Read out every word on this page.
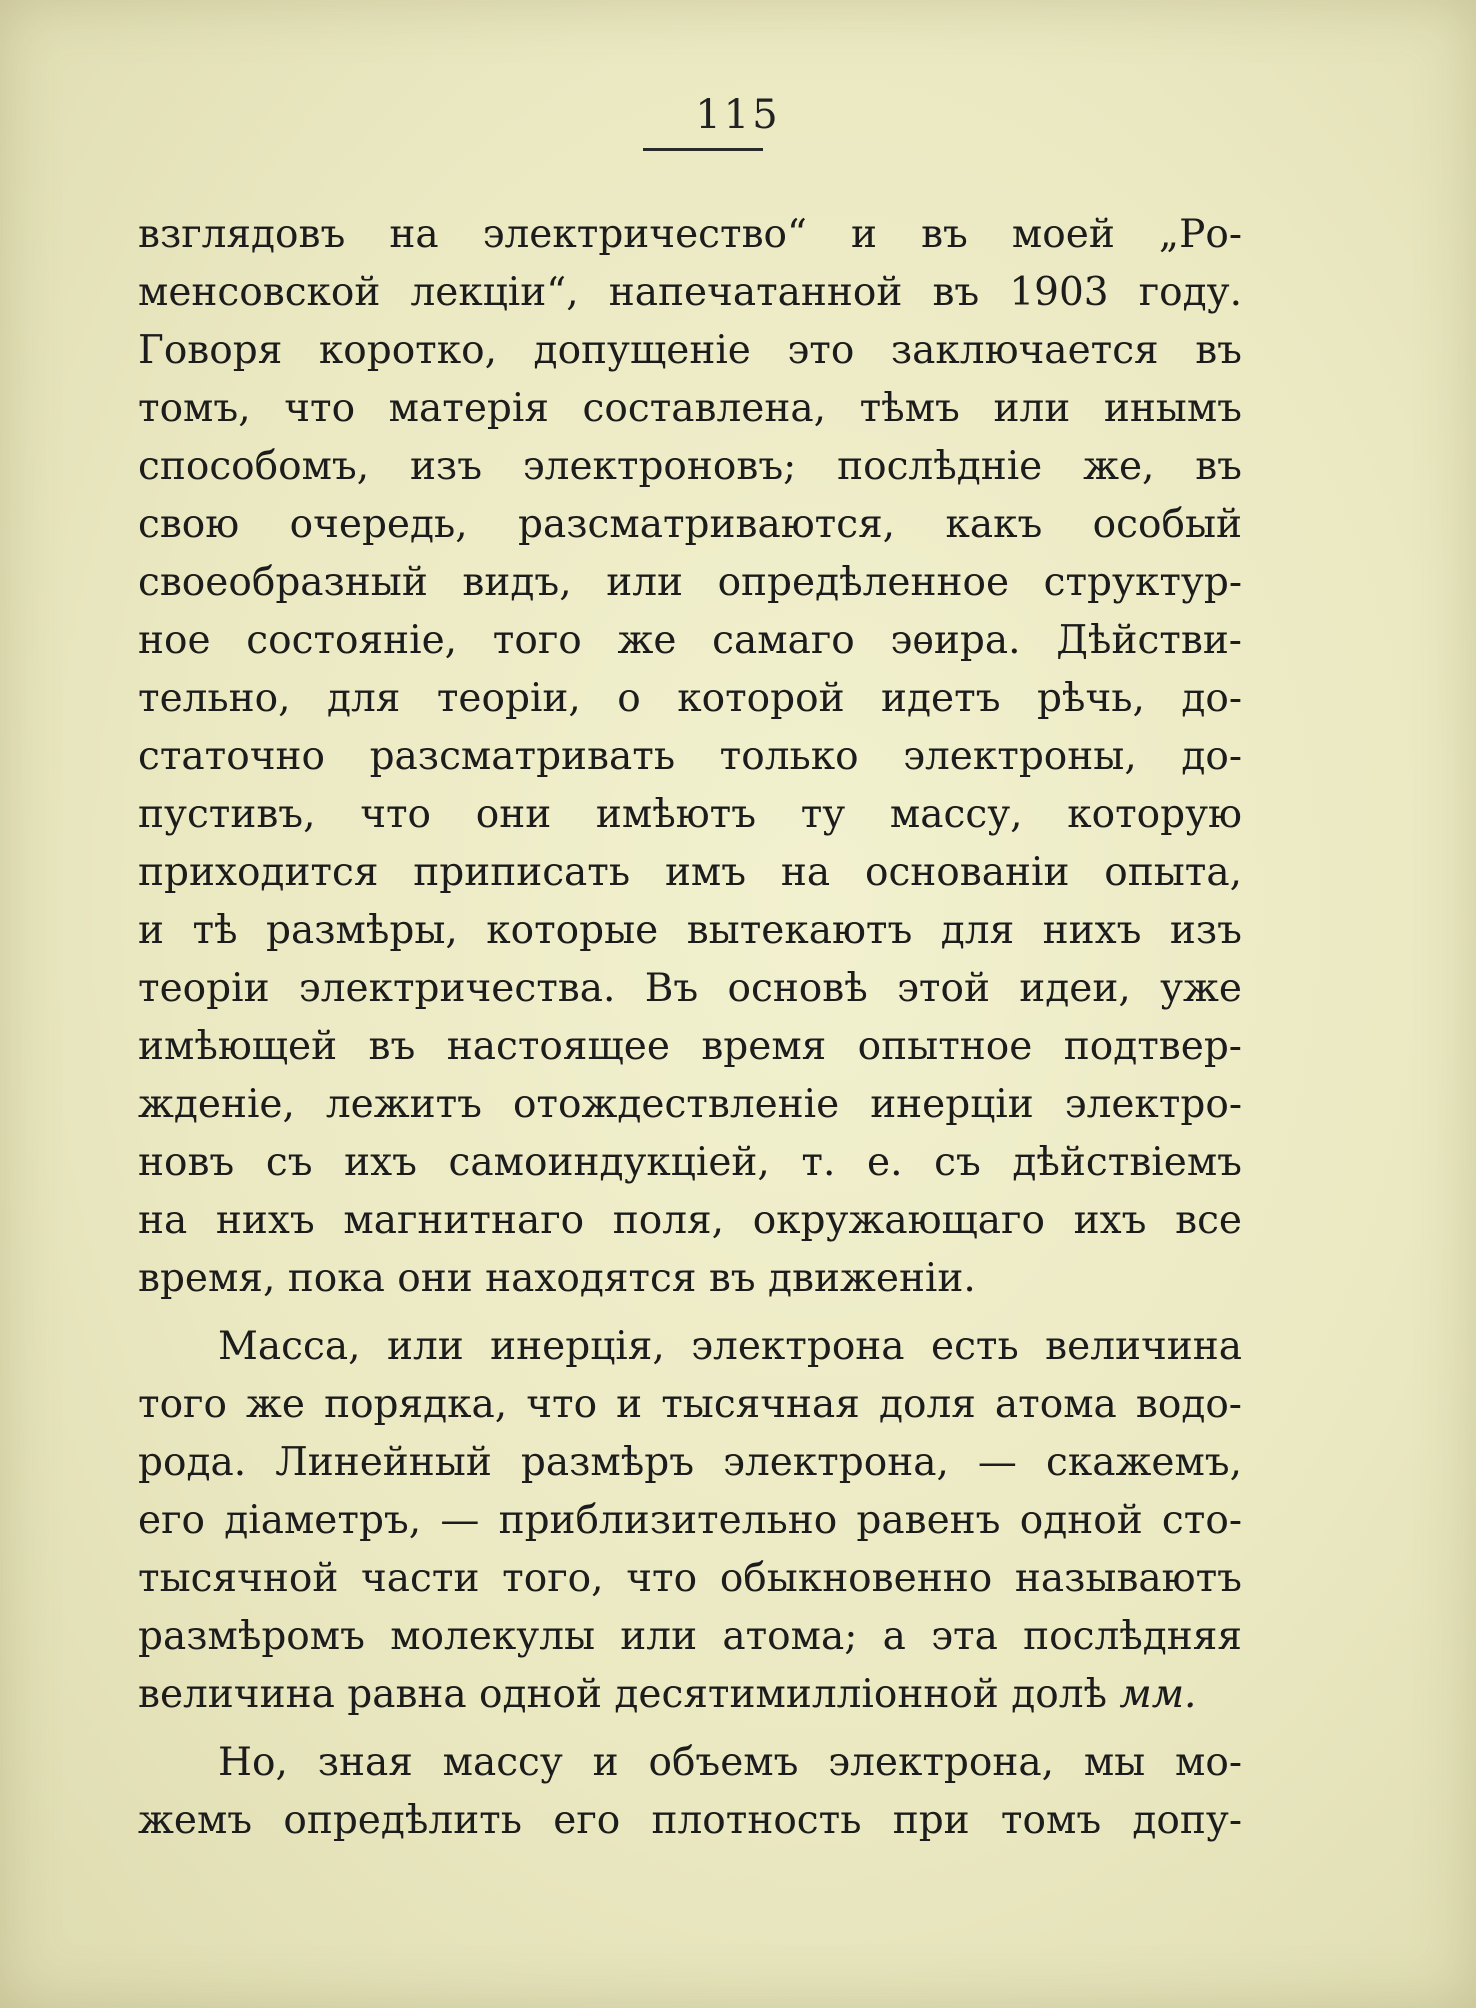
115
взглядовъ на электричество“ и въ моей „Ро-
менсовской лекціи“, напечатанной въ 1903 году.
Говоря коротко, допущеніе это заключается въ
томъ, что матерія составлена, тѣмъ или инымъ
способомъ, изъ электроновъ; послѣдніе же, въ
свою очередь, разсматриваются, какъ особый
своеобразный видъ, или опредѣленное структур-
ное состояніе, того же самаго эѳира. Дѣйстви-
тельно, для теоріи, о которой идетъ рѣчь, до-
статочно разсматривать только электроны, до-
пустивъ, что они имѣютъ ту массу, которую
приходится приписать имъ на основаніи опыта,
и тѣ размѣры, которые вытекаютъ для нихъ изъ
теоріи электричества. Въ основѣ этой идеи, уже
имѣющей въ настоящее время опытное подтвер-
жденіе, лежитъ отождествленіе инерціи электро-
новъ съ ихъ самоиндукціей, т. е. съ дѣйствіемъ
на нихъ магнитнаго поля, окружающаго ихъ все
время, пока они находятся въ движеніи.
Масса, или инерція, электрона есть величина
того же порядка, что и тысячная доля атома водо-
рода. Линейный размѣръ электрона, — скажемъ,
его діаметръ, — приблизительно равенъ одной сто-
тысячной части того, что обыкновенно называютъ
размѣромъ молекулы или атома; а эта послѣдняя
величина равна одной десятимилліонной долѣ мм.
Но, зная массу и объемъ электрона, мы мо-
жемъ опредѣлить его плотность при томъ допу-
